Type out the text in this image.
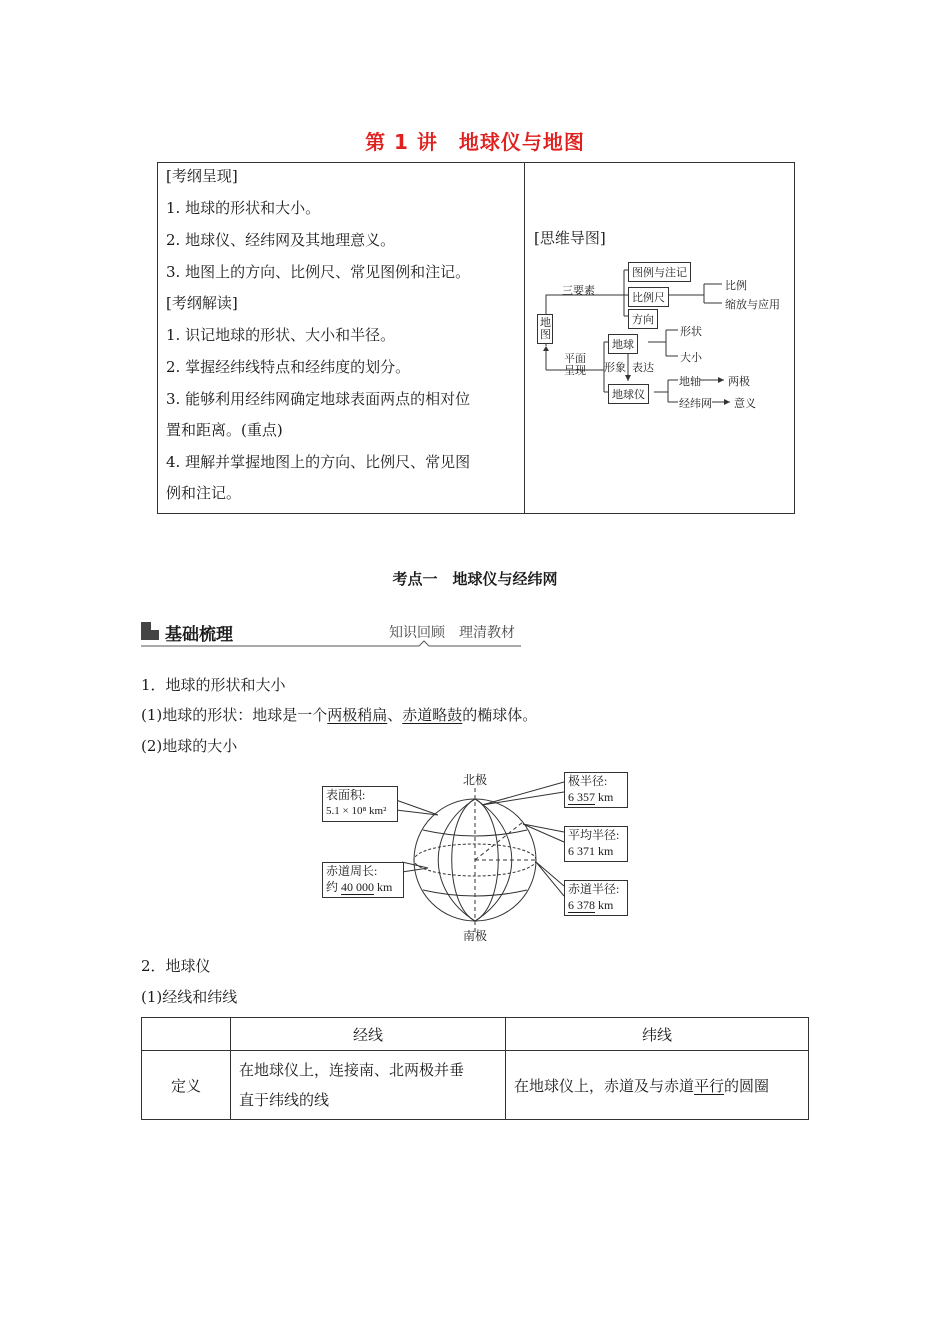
第 1 讲　地球仪与地图
[考纲呈现]
1. 地球的形状和大小。
2. 地球仪、经纬网及其地理意义。
3. 地图上的方向、比例尺、常见图例和注记。
[考纲解读]
1. 识记地球的形状、大小和半径。
2. 掌握经纬线特点和经纬度的划分。
3. 能够利用经纬网确定地球表面两点的相对位
置和距离。(重点)
4. 理解并掌握地图上的方向、比例尺、常见图
例和注记。
[思维导图]
地图
三要素
图例与注记
比例尺
方向
比例
缩放与应用
平面
呈现
地球
形状
大小
形象 表达
地球仪
地轴 两极
经纬网 意义
考点一　地球仪与经纬网
基础梳理	知识回顾　理清教材
1．地球的形状和大小
(1)地球的形状：地球是一个两极稍扁、赤道略鼓的椭球体。
(2)地球的大小
北极
南极
表面积:
5.1 × 10⁸ km²
赤道周长:
约 40 000 km
极半径:
6 357 km
平均半径:
6 371 km
赤道半径:
6 378 km
2．地球仪
(1)经线和纬线
	经线	纬线
定义	在地球仪上，连接南、北两极并垂
直于纬线的线	在地球仪上，赤道及与赤道平行的圆圈
